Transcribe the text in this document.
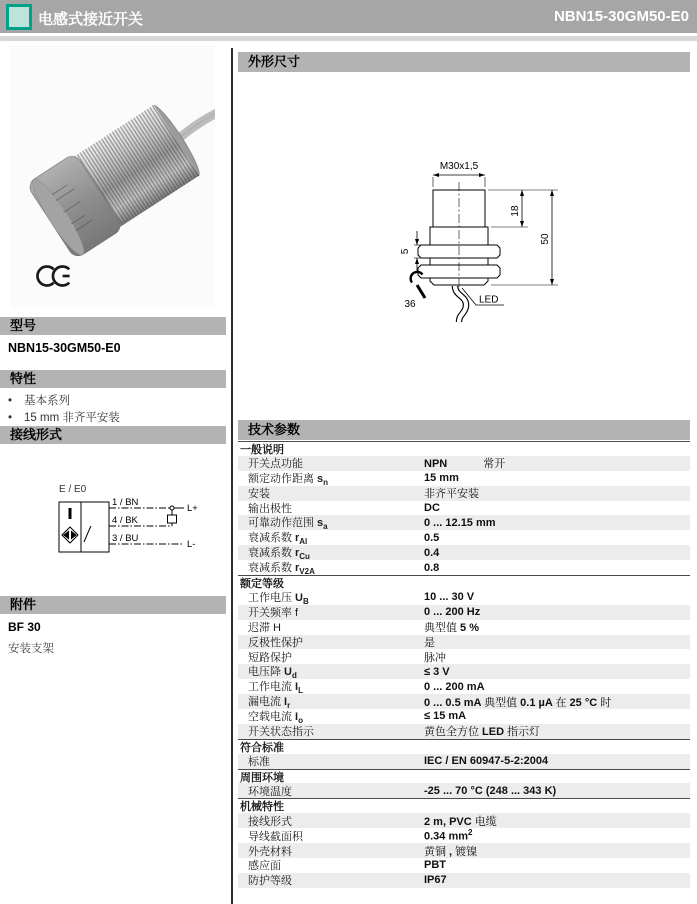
电感式接近开关	NBN15-30GM50-E0
型号
NBN15-30GM50-E0
特性
• 基本系列
• 15 mm 非齐平安装
接线形式
E / E0
1 / BN
4 / BK
3 / BU
L+
L-
附件
BF 30
安装支架
外形尺寸
M30x1,5
18
50
5
36	LED
技术参数
一般说明
开关点功能	NPN	常开
额定动作距离 $s_n$	15 mm
安装	非齐平安装
输出极性	DC
可靠动作范围 $s_a$	0 ... 12.15 mm
衰减系数 $r_{Al}$	0.5
衰减系数 $r_{Cu}$	0.4
衰减系数 $r_{V2A}$	0.8
额定等级
工作电压 $U_B$	10 ... 30 V
开关频率 f	0 ... 200 Hz
迟滞 H	典型值 5 %
反极性保护	是
短路保护	脉冲
电压降 $U_d$	≤ 3 V
工作电流 $I_L$	0 ... 200 mA
漏电流 $I_r$	0 ... 0.5 mA 典型值 0.1 µA 在 25 °C 时
空载电流 $I_o$	≤ 15 mA
开关状态指示	黄色全方位 LED 指示灯
符合标准
标准	IEC / EN 60947-5-2:2004
周围环境
环境温度	-25 ... 70 °C (248 ... 343 K)
机械特性
接线形式	2 m, PVC 电缆
导线截面积	0.34 $mm^2$
外壳材料	黄铜 , 镀镍
感应面	PBT
防护等级	IP67
